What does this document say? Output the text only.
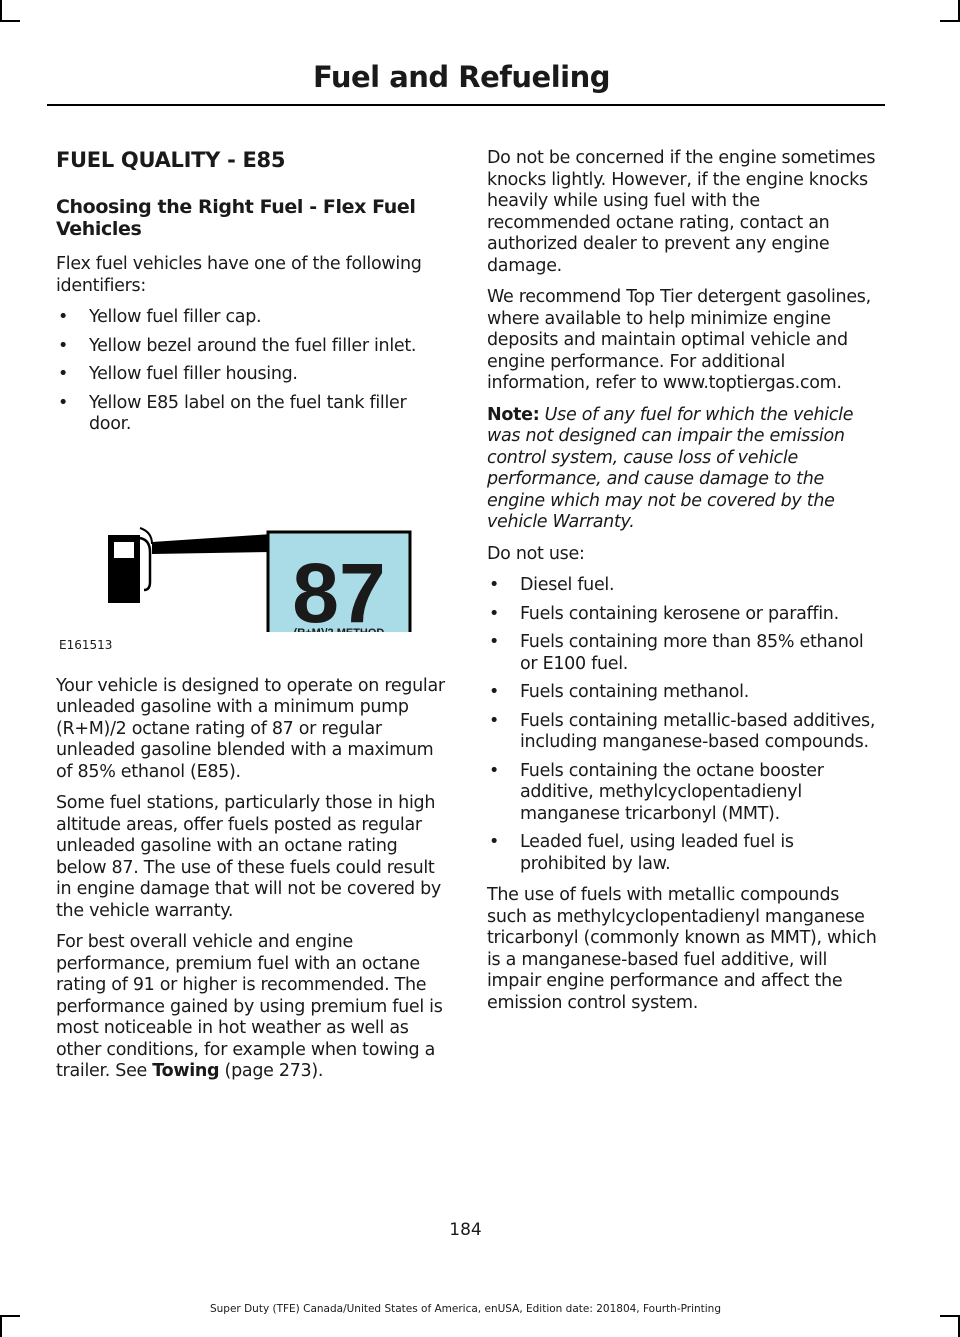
Fuel and Refueling
FUEL QUALITY - E85
Choosing the Right Fuel - Flex Fuel Vehicles

Flex fuel vehicles have one of the following identifiers:

• Yellow fuel filler cap.
• Yellow bezel around the fuel filler inlet.
• Yellow fuel filler housing.
• Yellow E85 label on the fuel tank filler door.
87
E161513

Your vehicle is designed to operate on regular unleaded gasoline with a minimum pump (R+M)/2 octane rating of 87 or regular unleaded gasoline blended with a maximum of 85% ethanol (E85).

Some fuel stations, particularly those in high altitude areas, offer fuels posted as regular unleaded gasoline with an octane rating below 87. The use of these fuels could result in engine damage that will not be covered by the vehicle warranty.

For best overall vehicle and engine performance, premium fuel with an octane rating of 91 or higher is recommended. The performance gained by using premium fuel is most noticeable in hot weather as well as other conditions, for example when towing a trailer. See Towing (page 273).

Do not be concerned if the engine sometimes knocks lightly. However, if the engine knocks heavily while using fuel with the recommended octane rating, contact an authorized dealer to prevent any engine damage.

We recommend Top Tier detergent gasolines, where available to help minimize engine deposits and maintain optimal vehicle and engine performance. For additional information, refer to www.toptiergas.com.

Note: Use of any fuel for which the vehicle was not designed can impair the emission control system, cause loss of vehicle performance, and cause damage to the engine which may not be covered by the vehicle Warranty.

Do not use:

• Diesel fuel.
• Fuels containing kerosene or paraffin.
• Fuels containing more than 85% ethanol or E100 fuel.
• Fuels containing methanol.
• Fuels containing metallic-based additives, including manganese-based compounds.
• Fuels containing the octane booster additive, methylcyclopentadienyl manganese tricarbonyl (MMT).
• Leaded fuel, using leaded fuel is prohibited by law.

The use of fuels with metallic compounds such as methylcyclopentadienyl manganese tricarbonyl (commonly known as MMT), which is a manganese-based fuel additive, will impair engine performance and affect the emission control system.

184
Super Duty (TFE) Canada/United States of America, enUSA, Edition date: 201804, Fourth-Printing
